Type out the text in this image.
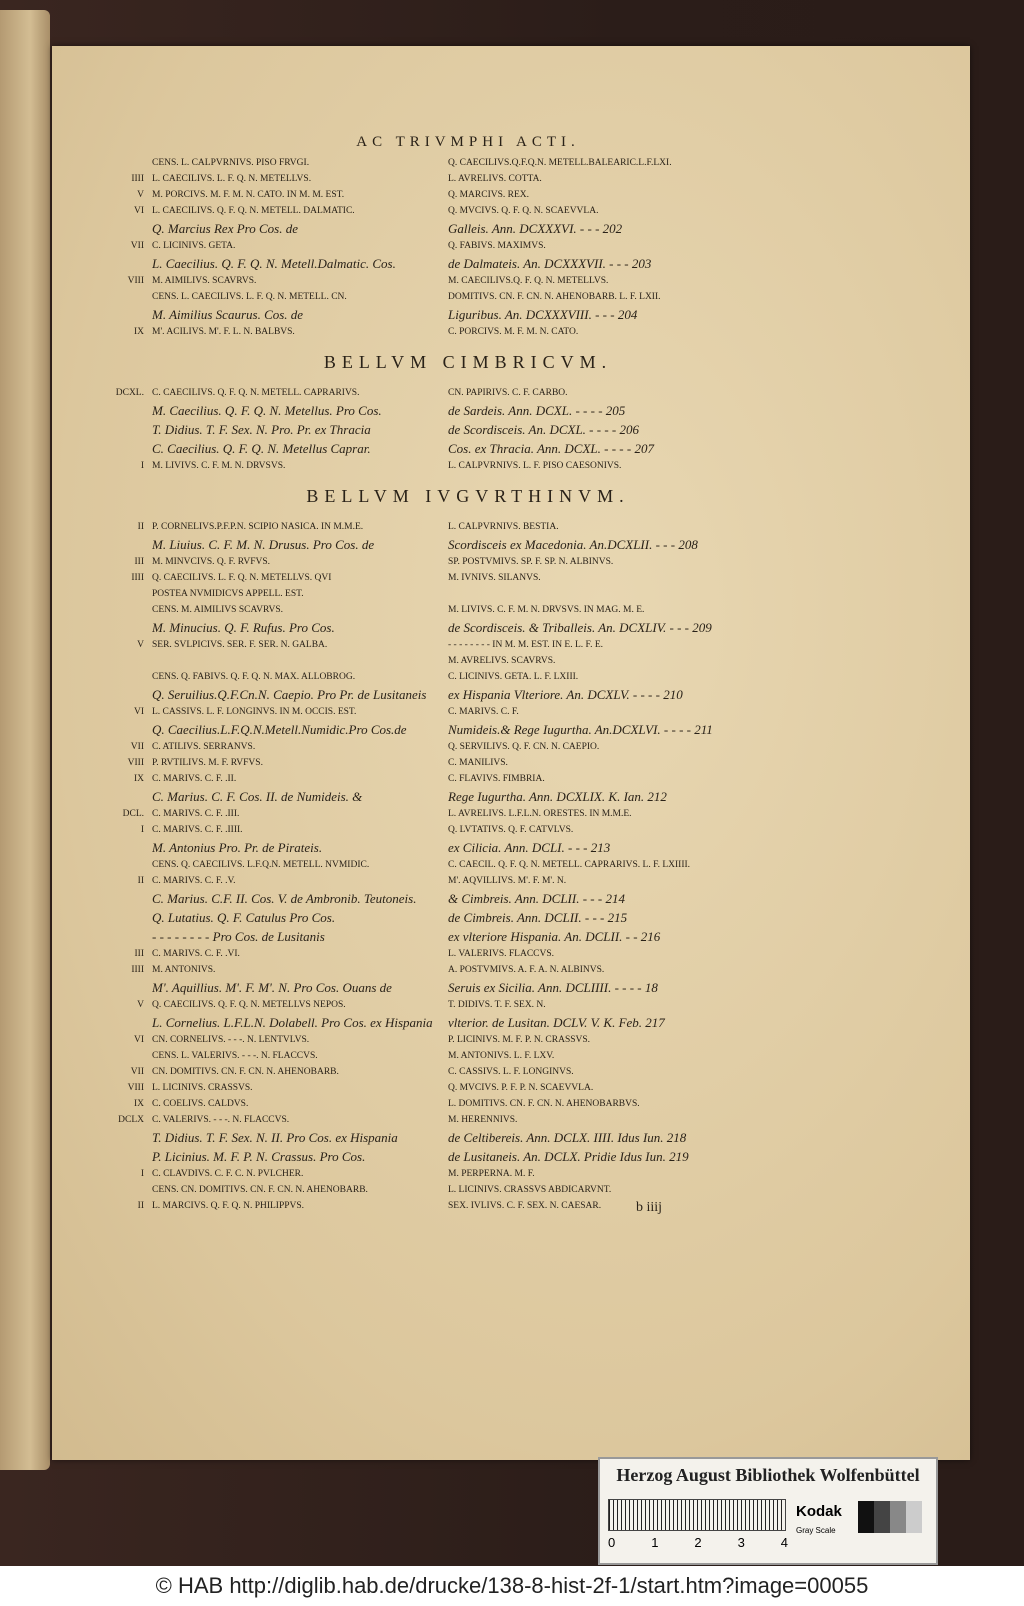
AC TRIVMPHI ACTI.
CENS. L. CALPVRNIVS. PISO FRVGI.	Q. CAECILIVS.Q.F.Q.N. METELL.BALEARIC.L.F.LXI.
IIII L. CAECILIVS. L. F. Q. N. METELLVS.	L. AVRELIVS. COTTA.
V M. PORCIVS. M. F. M. N. CATO. IN M. M. EST.	Q. MARCIVS. REX.
VI L. CAECILIVS. Q. F. Q. N. METELL. DALMATIC.	Q. MVCIVS. Q. F. Q. N. SCAEVVLA.
Q. Marcius Rex Pro Cos. de	Galleis. Ann. DCXXXVI. - - - 202
VII C. LICINIVS. GETA.	Q. FABIVS. MAXIMVS.
L. Caecilius. Q. F. Q. N. Metell.Dalmatic. Cos.	de Dalmateis. An. DCXXXVII. - - - 203
VIII M. AIMILIVS. SCAVRVS.	M. CAECILIVS.Q. F. Q. N. METELLVS.
CENS. L. CAECILIVS. L. F. Q. N. METELL. CN.	DOMITIVS. CN. F. CN. N. AHENOBARB. L. F. LXII.
M. Aimilius Scaurus. Cos. de	Liguribus. An. DCXXXVIII. - - - 204
IX M'. ACILIVS. M'. F. L. N. BALBVS.	C. PORCIVS. M. F. M. N. CATO.
BELLVM CIMBRICVM.
DCXL. C. CAECILIVS. Q. F. Q. N. METELL. CAPRARIVS.	CN. PAPIRIVS. C. F. CARBO.
M. Caecilius. Q. F. Q. N. Metellus. Pro Cos.	de Sardeis. Ann. DCXL. - - - - 205
T. Didius. T. F. Sex. N. Pro. Pr. ex Thracia	de Scordisceis. An. DCXL. - - - - 206
C. Caecilius. Q. F. Q. N. Metellus Caprar.	Cos. ex Thracia. Ann. DCXL. - - - - 207
I M. LIVIVS. C. F. M. N. DRVSVS.	L. CALPVRNIVS. L. F. PISO CAESONIVS.
BELLVM IVGVRTHINVM.
II P. CORNELIVS.P.F.P.N. SCIPIO NASICA. IN M.M.E.	L. CALPVRNIVS. BESTIA.
M. Liuius. C. F. M. N. Drusus. Pro Cos. de	Scordisceis ex Macedonia. An.DCXLII. - - - 208
III M. MINVCIVS. Q. F. RVFVS.	SP. POSTVMIVS. SP. F. SP. N. ALBINVS.
IIII Q. CAECILIVS. L. F. Q. N. METELLVS. QVI	M. IVNIVS. SILANVS.
POSTEA NVMIDICVS APPELL. EST.
CENS. M. AIMILIVS SCAVRVS.	M. LIVIVS. C. F. M. N. DRVSVS. IN MAG. M. E.
M. Minucius. Q. F. Rufus. Pro Cos.	de Scordisceis. & Triballeis. An. DCXLIV. - - - 209
V SER. SVLPICIVS. SER. F. SER. N. GALBA.	- - - - - - - - IN M. M. EST. IN E. L. F. E.
M. AVRELIVS. SCAVRVS.
CENS. Q. FABIVS. Q. F. Q. N. MAX. ALLOBROG.	C. LICINIVS. GETA. L. F. LXIII.
Q. Seruilius.Q.F.Cn.N. Caepio. Pro Pr. de Lusitaneis	ex Hispania Vlteriore. An. DCXLV. - - - - 210
VI L. CASSIVS. L. F. LONGINVS. IN M. OCCIS. EST.	C. MARIVS. C. F.
Q. Caecilius.L.F.Q.N.Metell.Numidic.Pro Cos.de	Numideis.& Rege Iugurtha. An.DCXLVI. - - - - 211
VII C. ATILIVS. SERRANVS.	Q. SERVILIVS. Q. F. CN. N. CAEPIO.
VIII P. RVTILIVS. M. F. RVFVS.	C. MANILIVS.
IX C. MARIVS. C. F. .II.	C. FLAVIVS. FIMBRIA.
C. Marius. C. F. Cos. II. de Numideis. &	Rege Iugurtha. Ann. DCXLIX. K. Ian. 212
DCL. C. MARIVS. C. F. .III.	L. AVRELIVS. L.F.L.N. ORESTES. IN M.M.E.
I C. MARIVS. C. F. .IIII.	Q. LVTATIVS. Q. F. CATVLVS.
M. Antonius Pro. Pr. de Pirateis.	ex Cilicia. Ann. DCLI. - - - 213
CENS. Q. CAECILIVS. L.F.Q.N. METELL. NVMIDIC.	C. CAECIL. Q. F. Q. N. METELL. CAPRARIVS. L. F. LXIIII.
II C. MARIVS. C. F. .V.	M'. AQVILLIVS. M'. F. M'. N.
C. Marius. C.F. II. Cos. V. de Ambronib. Teutoneis.	& Cimbreis. Ann. DCLII. - - - 214
Q. Lutatius. Q. F. Catulus Pro Cos.	de Cimbreis. Ann. DCLII. - - - 215
- - - - - - - - Pro Cos. de Lusitanis	ex vlteriore Hispania. An. DCLII. - - 216
III C. MARIVS. C. F. .VI.	L. VALERIVS. FLACCVS.
IIII M. ANTONIVS.	A. POSTVMIVS. A. F. A. N. ALBINVS.
M'. Aquillius. M'. F. M'. N. Pro Cos. Ouans de	Seruis ex Sicilia. Ann. DCLIIII. - - - - 18
V Q. CAECILIVS. Q. F. Q. N. METELLVS NEPOS.	T. DIDIVS. T. F. SEX. N.
L. Cornelius. L.F.L.N. Dolabell. Pro Cos. ex Hispania	vlterior. de Lusitan. DCLV. V. K. Feb. 217
VI CN. CORNELIVS. - - -. N. LENTVLVS.	P. LICINIVS. M. F. P. N. CRASSVS.
CENS. L. VALERIVS. - - -. N. FLACCVS.	M. ANTONIVS. L. F. LXV.
VII CN. DOMITIVS. CN. F. CN. N. AHENOBARB.	C. CASSIVS. L. F. LONGINVS.
VIII L. LICINIVS. CRASSVS.	Q. MVCIVS. P. F. P. N. SCAEVVLA.
IX C. COELIVS. CALDVS.	L. DOMITIVS. CN. F. CN. N. AHENOBARBVS.
DCLX C. VALERIVS. - - -. N. FLACCVS.	M. HERENNIVS.
T. Didius. T. F. Sex. N. II. Pro Cos. ex Hispania	de Celtibereis. Ann. DCLX. IIII. Idus Iun. 218
P. Licinius. M. F. P. N. Crassus. Pro Cos.	de Lusitaneis. An. DCLX. Pridie Idus Iun. 219
I C. CLAVDIVS. C. F. C. N. PVLCHER.	M. PERPERNA. M. F.
CENS. CN. DOMITIVS. CN. F. CN. N. AHENOBARB.	L. LICINIVS. CRASSVS ABDICARVNT.
II L. MARCIVS. Q. F. Q. N. PHILIPPVS.	SEX. IVLIVS. C. F. SEX. N. CAESAR.	b iiij
Herzog August Bibliothek Wolfenbüttel
0	1	2	3	4
Kodak
Gray Scale
© HAB http://diglib.hab.de/drucke/138-8-hist-2f-1/start.htm?image=00055
